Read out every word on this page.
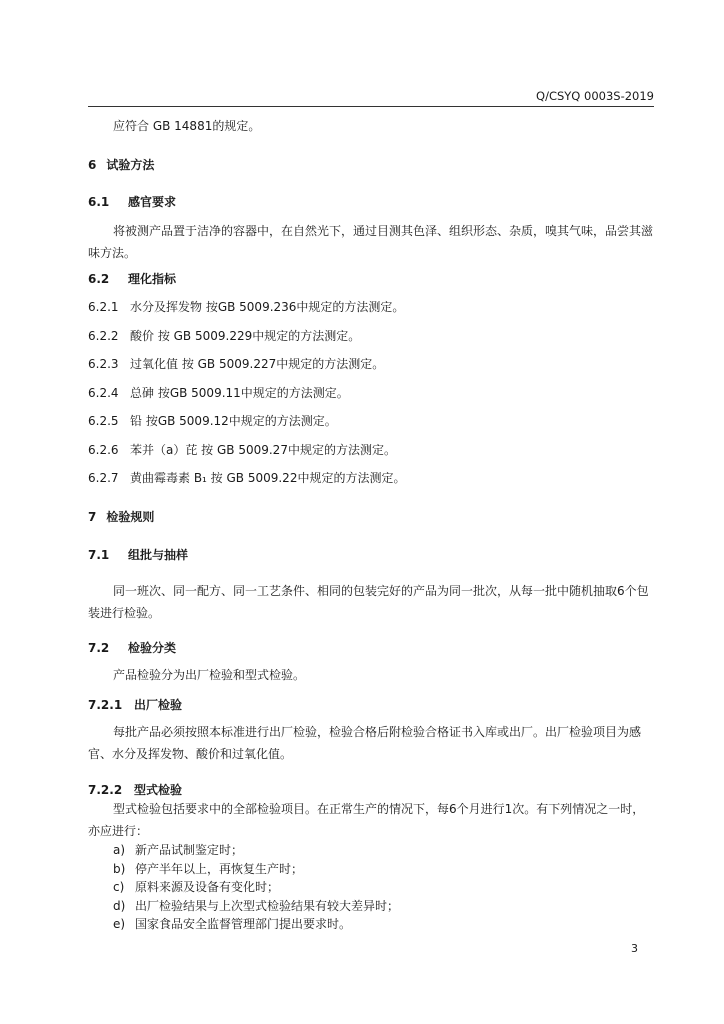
Q/CSYQ 0003S-2019
应符合 GB 14881的规定。
6 试验方法
6.1 感官要求
将被测产品置于洁净的容器中，在自然光下，通过目测其色泽、组织形态、杂质，嗅其气味，品尝其滋味方法。
6.2 理化指标
6.2.1 水分及挥发物 按GB 5009.236中规定的方法测定。
6.2.2 酸价 按 GB 5009.229中规定的方法测定。
6.2.3 过氧化值 按 GB 5009.227中规定的方法测定。
6.2.4 总砷 按GB 5009.11中规定的方法测定。
6.2.5 铅 按GB 5009.12中规定的方法测定。
6.2.6 苯并（a）芘 按 GB 5009.27中规定的方法测定。
6.2.7 黄曲霉毒素 B₁ 按 GB 5009.22中规定的方法测定。
7 检验规则
7.1 组批与抽样
同一班次、同一配方、同一工艺条件、相同的包装完好的产品为同一批次，从每一批中随机抽取6个包装进行检验。
7.2 检验分类
产品检验分为出厂检验和型式检验。
7.2.1 出厂检验
每批产品必须按照本标准进行出厂检验，检验合格后附检验合格证书入库或出厂。出厂检验项目为感官、水分及挥发物、酸价和过氧化值。
7.2.2 型式检验
型式检验包括要求中的全部检验项目。在正常生产的情况下，每6个月进行1次。有下列情况之一时，亦应进行：
a) 新产品试制鉴定时；
b) 停产半年以上，再恢复生产时；
c) 原料来源及设备有变化时；
d) 出厂检验结果与上次型式检验结果有较大差异时；
e) 国家食品安全监督管理部门提出要求时。
3
